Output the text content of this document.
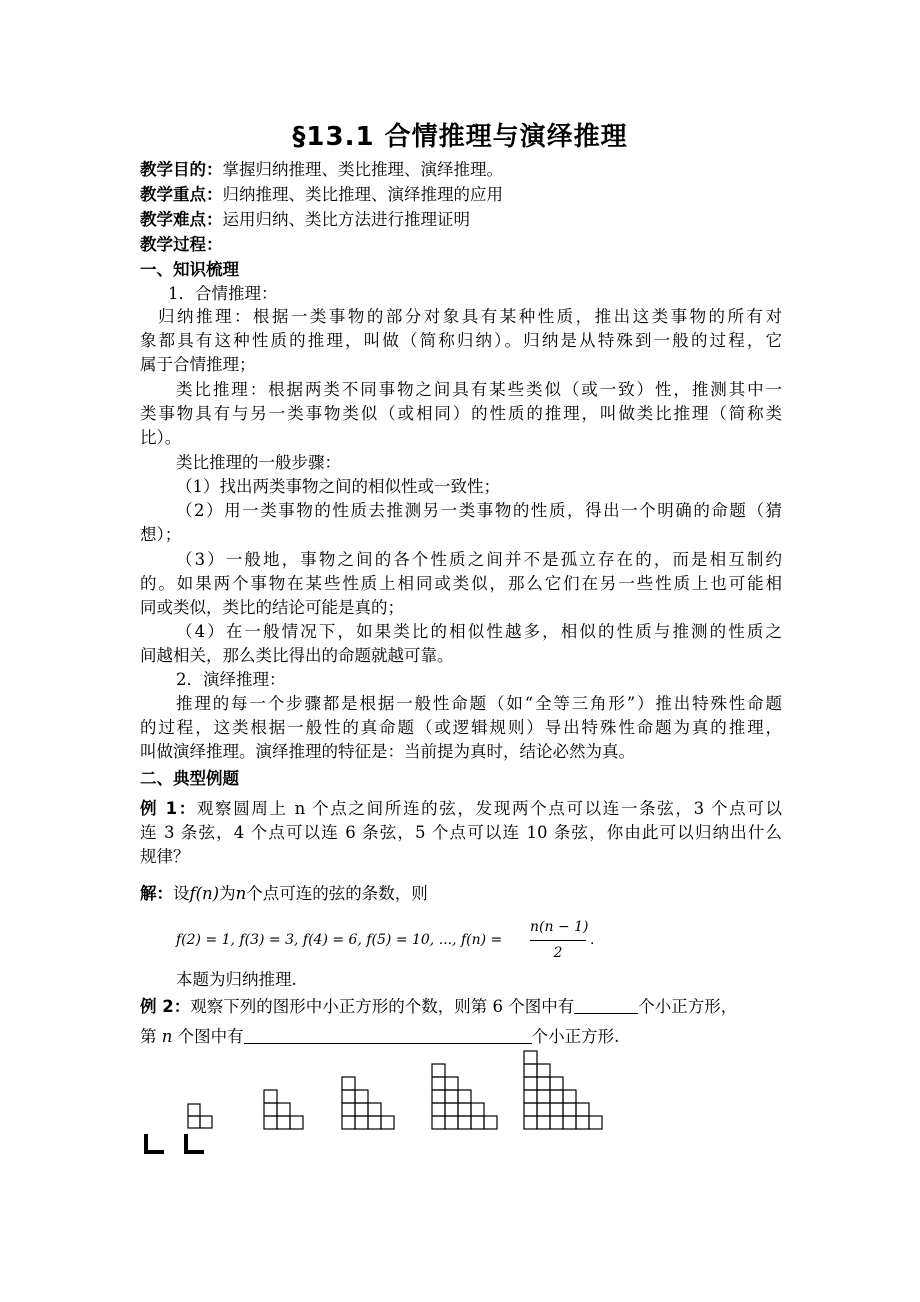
§13.1 合情推理与演绎推理
教学目的：掌握归纳推理、类比推理、演绎推理。
教学重点：归纳推理、类比推理、演绎推理的应用
教学难点：运用归纳、类比方法进行推理证明
教学过程：
一、知识梳理
1．合情推理：
归纳推理：根据一类事物的部分对象具有某种性质，推出这类事物的所有对
象都具有这种性质的推理，叫做（简称归纳）。归纳是从特殊到一般的过程，它
属于合情推理；
类比推理：根据两类不同事物之间具有某些类似（或一致）性，推测其中一
类事物具有与另一类事物类似（或相同）的性质的推理，叫做类比推理（简称类
比）。
类比推理的一般步骤：
（1）找出两类事物之间的相似性或一致性；
（2）用一类事物的性质去推测另一类事物的性质，得出一个明确的命题（猜
想）；
（3）一般地，事物之间的各个性质之间并不是孤立存在的，而是相互制约
的。如果两个事物在某些性质上相同或类似，那么它们在另一些性质上也可能相
同或类似，类比的结论可能是真的；
（4）在一般情况下，如果类比的相似性越多，相似的性质与推测的性质之
间越相关，那么类比得出的命题就越可靠。
2．演绎推理：
推理的每一个步骤都是根据一般性命题（如“全等三角形”）推出特殊性命题
的过程，这类根据一般性的真命题（或逻辑规则）导出特殊性命题为真的推理，
叫做演绎推理。演绎推理的特征是：当前提为真时，结论必然为真。
二、典型例题
例 1：观察圆周上 n 个点之间所连的弦，发现两个点可以连一条弦，3 个点可以
连 3 条弦，4 个点可以连 6 条弦，5 个点可以连 10 条弦，你由此可以归纳出什么
规律？
解：设f(n)为n个点可连的弦的条数，则
f(2) = 1, f(3) = 3, f(4) = 6, f(5) = 10, ..., f(n) =
n(n − 1)
2
.
本题为归纳推理.
例 2：观察下列的图形中小正方形的个数，则第 6 个图中有	个小正方形，
第 n 个图中有	个小正方形.
